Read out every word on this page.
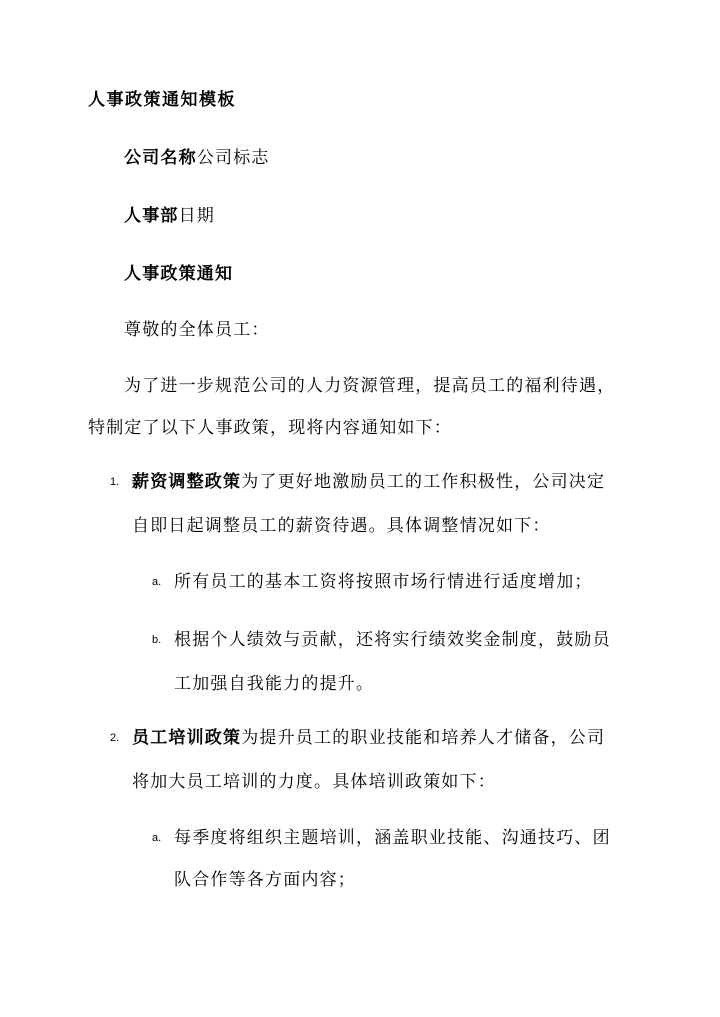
人事政策通知模板
公司名称公司标志
人事部日期
人事政策通知
尊敬的全体员工：
为了进一步规范公司的人力资源管理，提高员工的福利待遇，
特制定了以下人事政策，现将内容通知如下：
1. 薪资调整政策为了更好地激励员工的工作积极性，公司决定
自即日起调整员工的薪资待遇。具体调整情况如下：
a. 所有员工的基本工资将按照市场行情进行适度增加；
b. 根据个人绩效与贡献，还将实行绩效奖金制度，鼓励员
工加强自我能力的提升。
2. 员工培训政策为提升员工的职业技能和培养人才储备，公司
将加大员工培训的力度。具体培训政策如下：
a. 每季度将组织主题培训，涵盖职业技能、沟通技巧、团
队合作等各方面内容；
